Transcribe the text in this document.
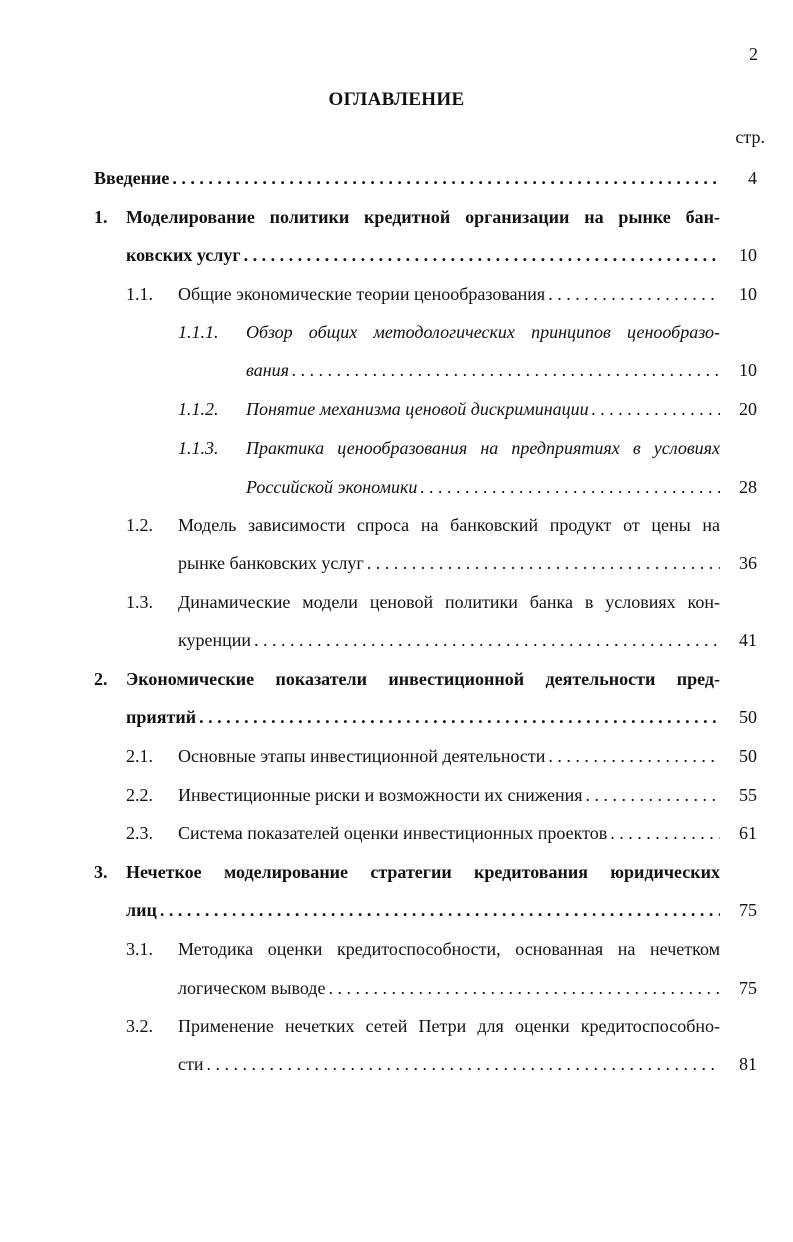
2
ОГЛАВЛЕНИЕ
стр.
Введение . . .	4
1. Моделирование политики кредитной организации на рынке бан-
ковских услуг . . .	10
1.1. Общие экономические теории ценообразования . . .	10
1.1.1. Обзор общих методологических принципов ценообразо-
вания . . .	10
1.1.2. Понятие механизма ценовой дискриминации . . .	20
1.1.3. Практика ценообразования на предприятиях в условиях
Российской экономики . . .	28
1.2. Модель зависимости спроса на банковский продукт от цены на
рынке банковских услуг . . .	36
1.3. Динамические модели ценовой политики банка в условиях кон-
куренции . . .	41
2. Экономические показатели инвестиционной деятельности пред-
приятий . . .	50
2.1. Основные этапы инвестиционной деятельности . . .	50
2.2. Инвестиционные риски и возможности их снижения . . .	55
2.3. Система показателей оценки инвестиционных проектов . . .	61
3. Нечеткое моделирование стратегии кредитования юридических
лиц . . .	75
3.1. Методика оценки кредитоспособности, основанная на нечетком
логическом выводе . . .	75
3.2. Применение нечетких сетей Петри для оценки кредитоспособно-
сти . . .	81
